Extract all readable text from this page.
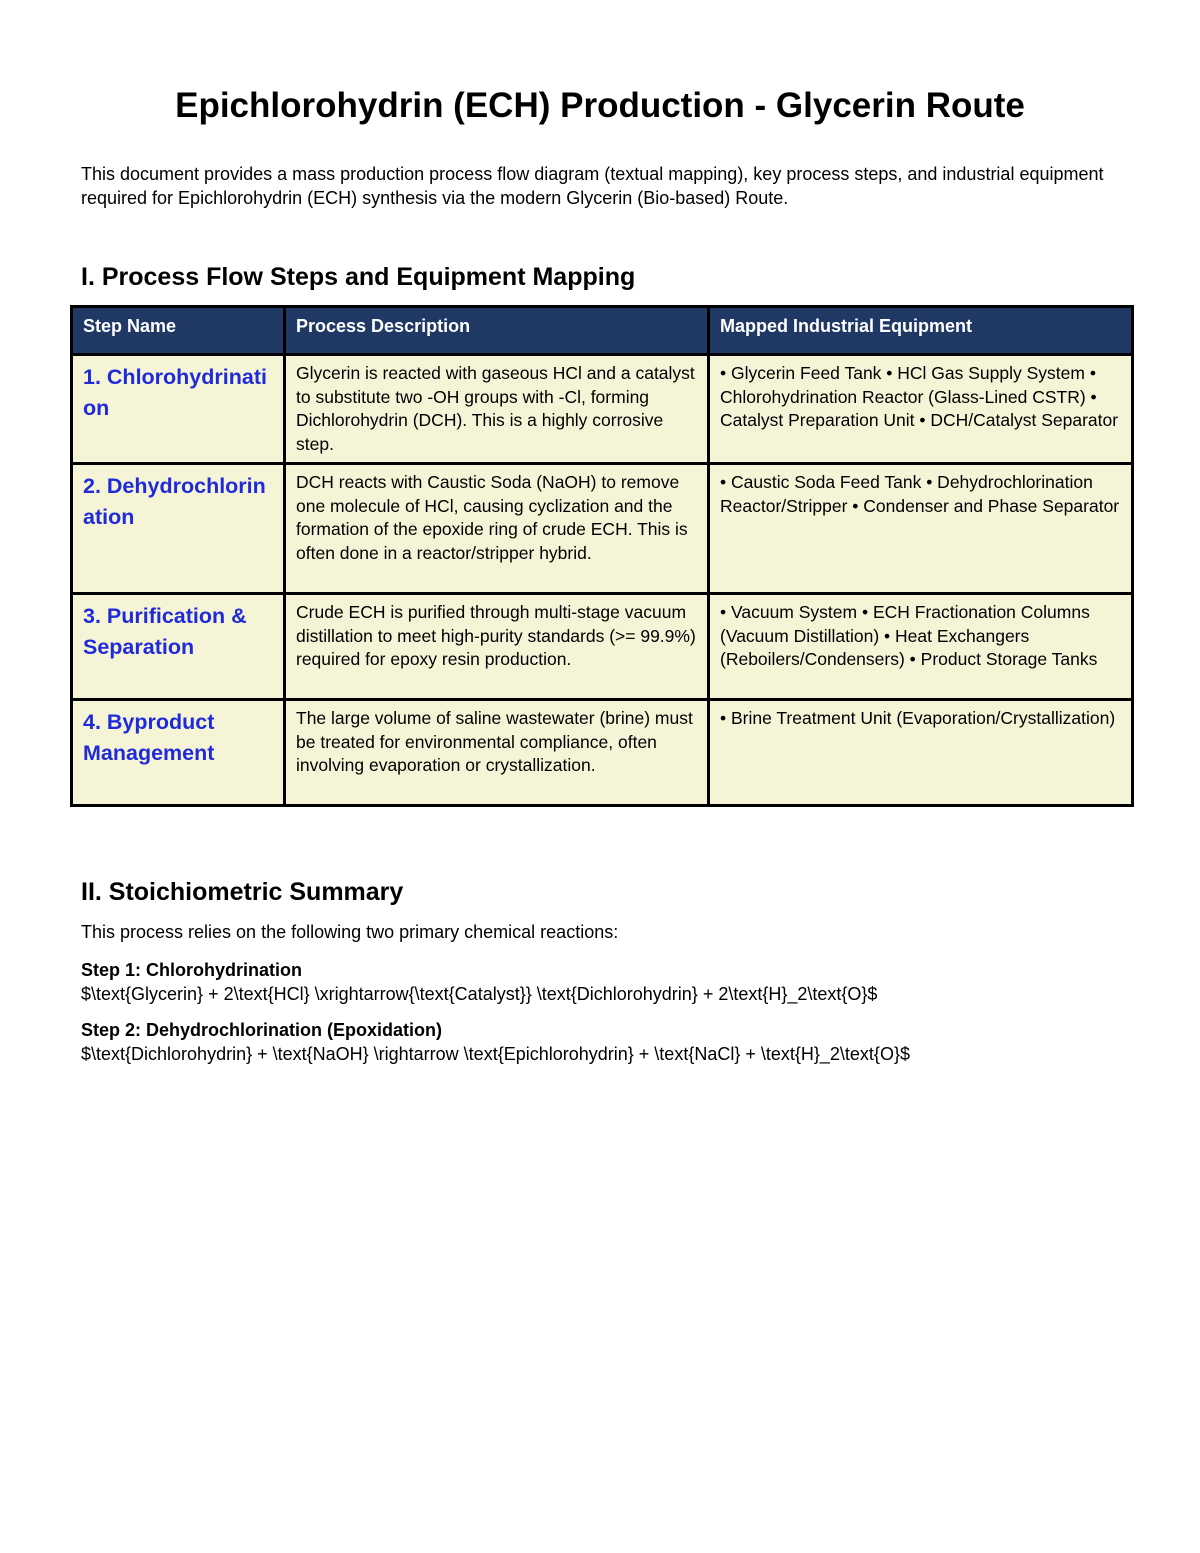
Epichlorohydrin (ECH) Production - Glycerin Route

This document provides a mass production process flow diagram (textual mapping), key process steps, and industrial equipment required for Epichlorohydrin (ECH) synthesis via the modern Glycerin (Bio-based) Route.

I. Process Flow Steps and Equipment Mapping
Step Name	Process Description	Mapped Industrial Equipment
1. Chlorohydrination	Glycerin is reacted with gaseous HCl and a catalyst to substitute two -OH groups with -Cl, forming Dichlorohydrin (DCH). This is a highly corrosive step.	• Glycerin Feed Tank • HCl Gas Supply System • Chlorohydrination Reactor (Glass-Lined CSTR) • Catalyst Preparation Unit • DCH/Catalyst Separator
2. Dehydrochlorination	DCH reacts with Caustic Soda (NaOH) to remove one molecule of HCl, causing cyclization and the formation of the epoxide ring of crude ECH. This is often done in a reactor/stripper hybrid.	• Caustic Soda Feed Tank • Dehydrochlorination Reactor/Stripper • Condenser and Phase Separator
3. Purification & Separation	Crude ECH is purified through multi-stage vacuum distillation to meet high-purity standards (>= 99.9%) required for epoxy resin production.	• Vacuum System • ECH Fractionation Columns (Vacuum Distillation) • Heat Exchangers (Reboilers/Condensers) • Product Storage Tanks
4. Byproduct Management	The large volume of saline wastewater (brine) must be treated for environmental compliance, often involving evaporation or crystallization.	• Brine Treatment Unit (Evaporation/Crystallization)
II. Stoichiometric Summary

This process relies on the following two primary chemical reactions:

Step 1: Chlorohydrination

$\text{Glycerin} + 2\text{HCl} \xrightarrow{\text{Catalyst}} \text{Dichlorohydrin} + 2\text{H}_2\text{O}$

Step 2: Dehydrochlorination (Epoxidation)

$\text{Dichlorohydrin} + \text{NaOH} \rightarrow \text{Epichlorohydrin} + \text{NaCl} + \text{H}_2\text{O}$
